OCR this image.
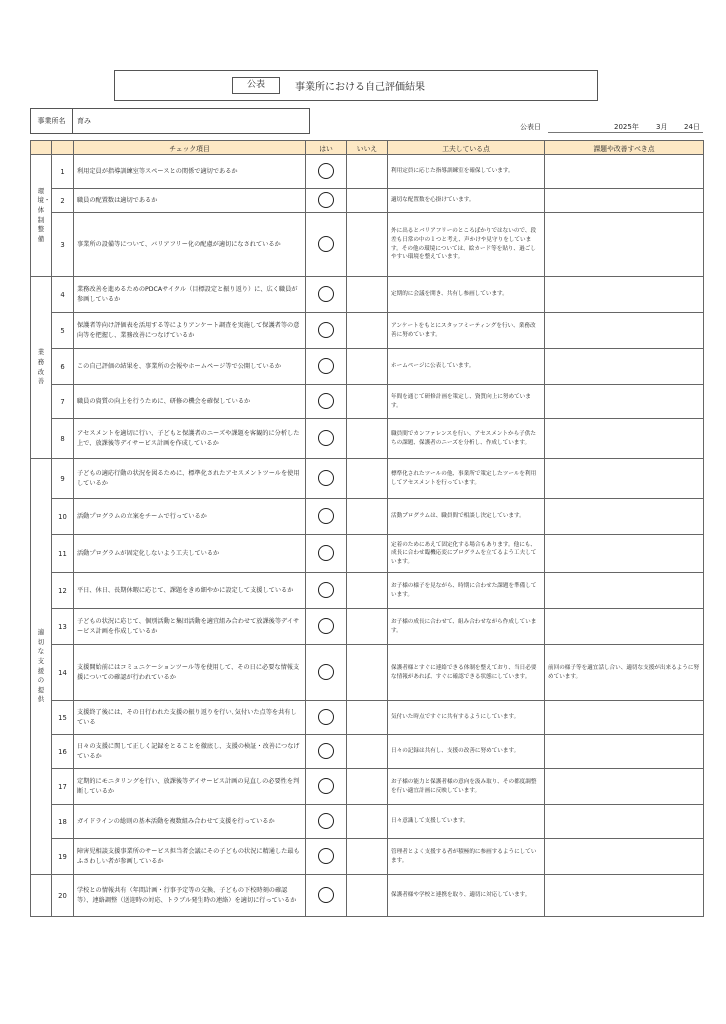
公表	事業所における自己評価結果
事業所名	育み
公表日	2025年 3月 24日
		チェック項目	はい	いいえ	工夫している点	課題や改善すべき点
環境・体制整備	1	利用定員が指導訓練室等スペースとの関係で適切であるか			利用定員に応じた指導訓練室を確保しています。	
	2	職員の配置数は適切であるか			適切な配置数を心掛けています。	
	3	事業所の設備等について、バリアフリー化の配慮が適切になされているか			外に出るとバリアフリーのところばかりではないので、段差も日常の中の１つと考え、声かけや見守りをしています。その他の環境については、絵カード等を貼り、過ごしやすい環境を整えています。	
業務改善	4	業務改善を進めるためのPDCAサイクル（目標設定と振り返り）に、広く職員が参画しているか			定期的に会議を開き、共有し参画しています。	
	5	保護者等向け評価表を活用する等によりアンケート調査を実施して保護者等の意向等を把握し、業務改善につなげているか			アンケートをもとにスタッフミーティングを行い、業務改善に努めています。	
	6	この自己評価の結果を、事業所の会報やホームページ等で公開しているか			ホームページに公表しています。	
	7	職員の資質の向上を行うために、研修の機会を確保しているか			年間を通じて研修計画を策定し、資質向上に努めています。	
	8	アセスメントを適切に行い、子どもと保護者のニーズや課題を客観的に分析した上で、放課後等デイサービス計画を作成しているか			職員間でカンファレンスを行い、アセスメントから子供たちの課題、保護者のニーズを分析し、作成しています。	
適切な支援の提供	9	子どもの適応行動の状況を図るために、標準化されたアセスメントツールを使用しているか			標準化されたツールの他、事業所で策定したツールを利用してアセスメントを行っています。	
	10	活動プログラムの立案をチームで行っているか			活動プログラムは、職員間で相談し決定しています。	
	11	活動プログラムが固定化しないよう工夫しているか			定着のためにあえて固定化する場合もあります。他にも、成長に合わせ臨機応変にプログラムを立てるよう工夫しています。	
	12	平日、休日、長期休暇に応じて、課題をきめ細やかに設定して支援しているか			お子様の様子を見ながら、時期に合わせた課題を準備しています。	
	13	子どもの状況に応じて、個別活動と集団活動を適宜組み合わせて放課後等デイサービス計画を作成しているか			お子様の成長に合わせて、組み合わせながら作成しています。	
	14	支援開始前にはコミュニケーションツール等を使用して、その日に必要な情報支援についての確認が行われているか			保護者様とすぐに連絡できる体制を整えており、当日必要な情報があれば、すぐに確認できる状態にしています。	前回の様子等を適宜話し合い、適切な支援が出来るように努めています。
	15	支援終了後には、その日行われた支援の振り返りを行い､気付いた点等を共有している			気付いた時点ですぐに共有するようにしています。	
	16	日々の支援に関して正しく記録をとることを徹底し、支援の検証・改善につなげているか			日々の記録は共有し、支援の改善に努めています。	
	17	定期的にモニタリングを行い、放課後等デイサービス計画の見直しの必要性を判断しているか			お子様の能力と保護者様の意向を汲み取り、その都度調整を行い適宜計画に反映しています。	
	18	ガイドラインの総則の基本活動を複数組み合わせて支援を行っているか			日々意識して支援しています。	
	19	障害児相談支援事業所のサービス担当者会議にその子どもの状況に精通した最もふさわしい者が参画しているか			管理者とよく支援する者が積極的に参画するようにしています。	
	20	学校との情報共有（年間計画・行事予定等の交換、子どもの下校時刻の確認等）、連絡調整（送迎時の対応、トラブル発生時の連絡）を適切に行っているか			保護者様や学校と連携を取り、適切に対応しています。	
